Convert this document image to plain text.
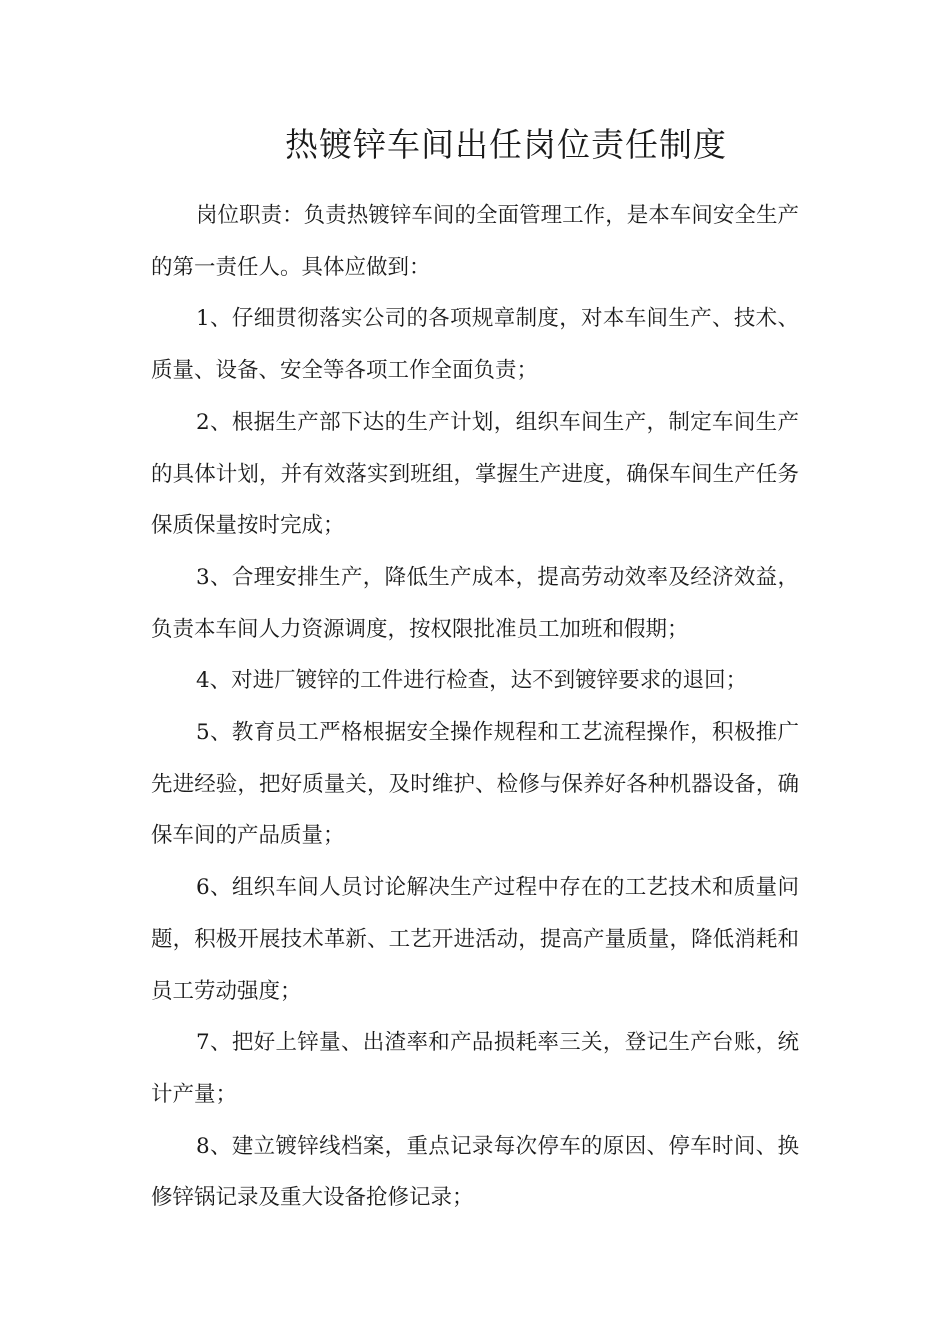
热镀锌车间出任岗位责任制度

岗位职责：负责热镀锌车间的全面管理工作，是本车间安全生产的第一责任人。具体应做到：

1、仔细贯彻落实公司的各项规章制度，对本车间生产、技术、质量、设备、安全等各项工作全面负责；

2、根据生产部下达的生产计划，组织车间生产，制定车间生产的具体计划，并有效落实到班组，掌握生产进度，确保车间生产任务保质保量按时完成；

3、合理安排生产，降低生产成本，提高劳动效率及经济效益，负责本车间人力资源调度，按权限批准员工加班和假期；

4、对进厂镀锌的工件进行检查，达不到镀锌要求的退回；

5、教育员工严格根据安全操作规程和工艺流程操作，积极推广先进经验，把好质量关，及时维护、检修与保养好各种机器设备，确保车间的产品质量；

6、组织车间人员讨论解决生产过程中存在的工艺技术和质量问题，积极开展技术革新、工艺开进活动，提高产量质量，降低消耗和员工劳动强度；

7、把好上锌量、出渣率和产品损耗率三关，登记生产台账，统计产量；

8、建立镀锌线档案，重点记录每次停车的原因、停车时间、换修锌锅记录及重大设备抢修记录；
